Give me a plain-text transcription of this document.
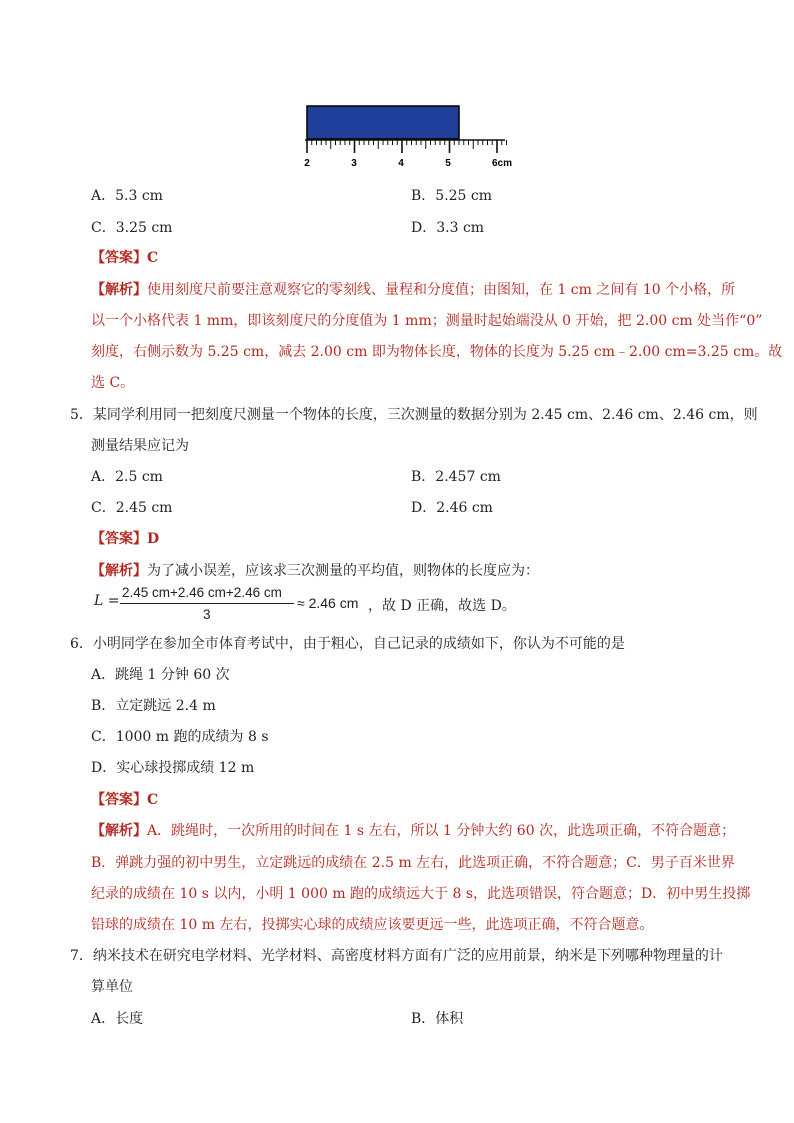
2	3	4	5	6cm
A．5.3 cm	B．5.25 cm
C．3.25 cm	D．3.3 cm
【答案】C
【解析】使用刻度尺前要注意观察它的零刻线、量程和分度值；由图知，在 1 cm 之间有 10 个小格，所
以一个小格代表 1 mm，即该刻度尺的分度值为 1 mm；测量时起始端没从 0 开始，把 2.00 cm 处当作“0”
刻度，右侧示数为 5.25 cm，减去 2.00 cm 即为物体长度，物体的长度为 5.25 cm﹣2.00 cm=3.25 cm。故
选 C。
5．某同学利用同一把刻度尺测量一个物体的长度，三次测量的数据分别为 2.45 cm、2.46 cm、2.46 cm，则
测量结果应记为
A．2.5 cm	B．2.457 cm
C．2.45 cm	D．2.46 cm
【答案】D
【解析】为了减小误差，应该求三次测量的平均值，则物体的长度应为：
L =
2.45 cm+2.46 cm+2.46 cm
3
≈ 2.46 cm ，故 D 正确，故选 D。
6．小明同学在参加全市体育考试中，由于粗心，自己记录的成绩如下，你认为不可能的是
A．跳绳 1 分钟 60 次
B．立定跳远 2.4 m
C．1000 m 跑的成绩为 8 s
D．实心球投掷成绩 12 m
【答案】C
【解析】A．跳绳时，一次所用的时间在 1 s 左右，所以 1 分钟大约 60 次，此选项正确，不符合题意；
B．弹跳力强的初中男生，立定跳远的成绩在 2.5 m 左右，此选项正确，不符合题意；C．男子百米世界
纪录的成绩在 10 s 以内，小明 1 000 m 跑的成绩远大于 8 s，此选项错误，符合题意；D．初中男生投掷
铅球的成绩在 10 m 左右，投掷实心球的成绩应该要更远一些，此选项正确，不符合题意。
7．纳米技术在研究电学材料、光学材料、高密度材料方面有广泛的应用前景，纳米是下列哪种物理量的计
算单位
A．长度	B．体积
